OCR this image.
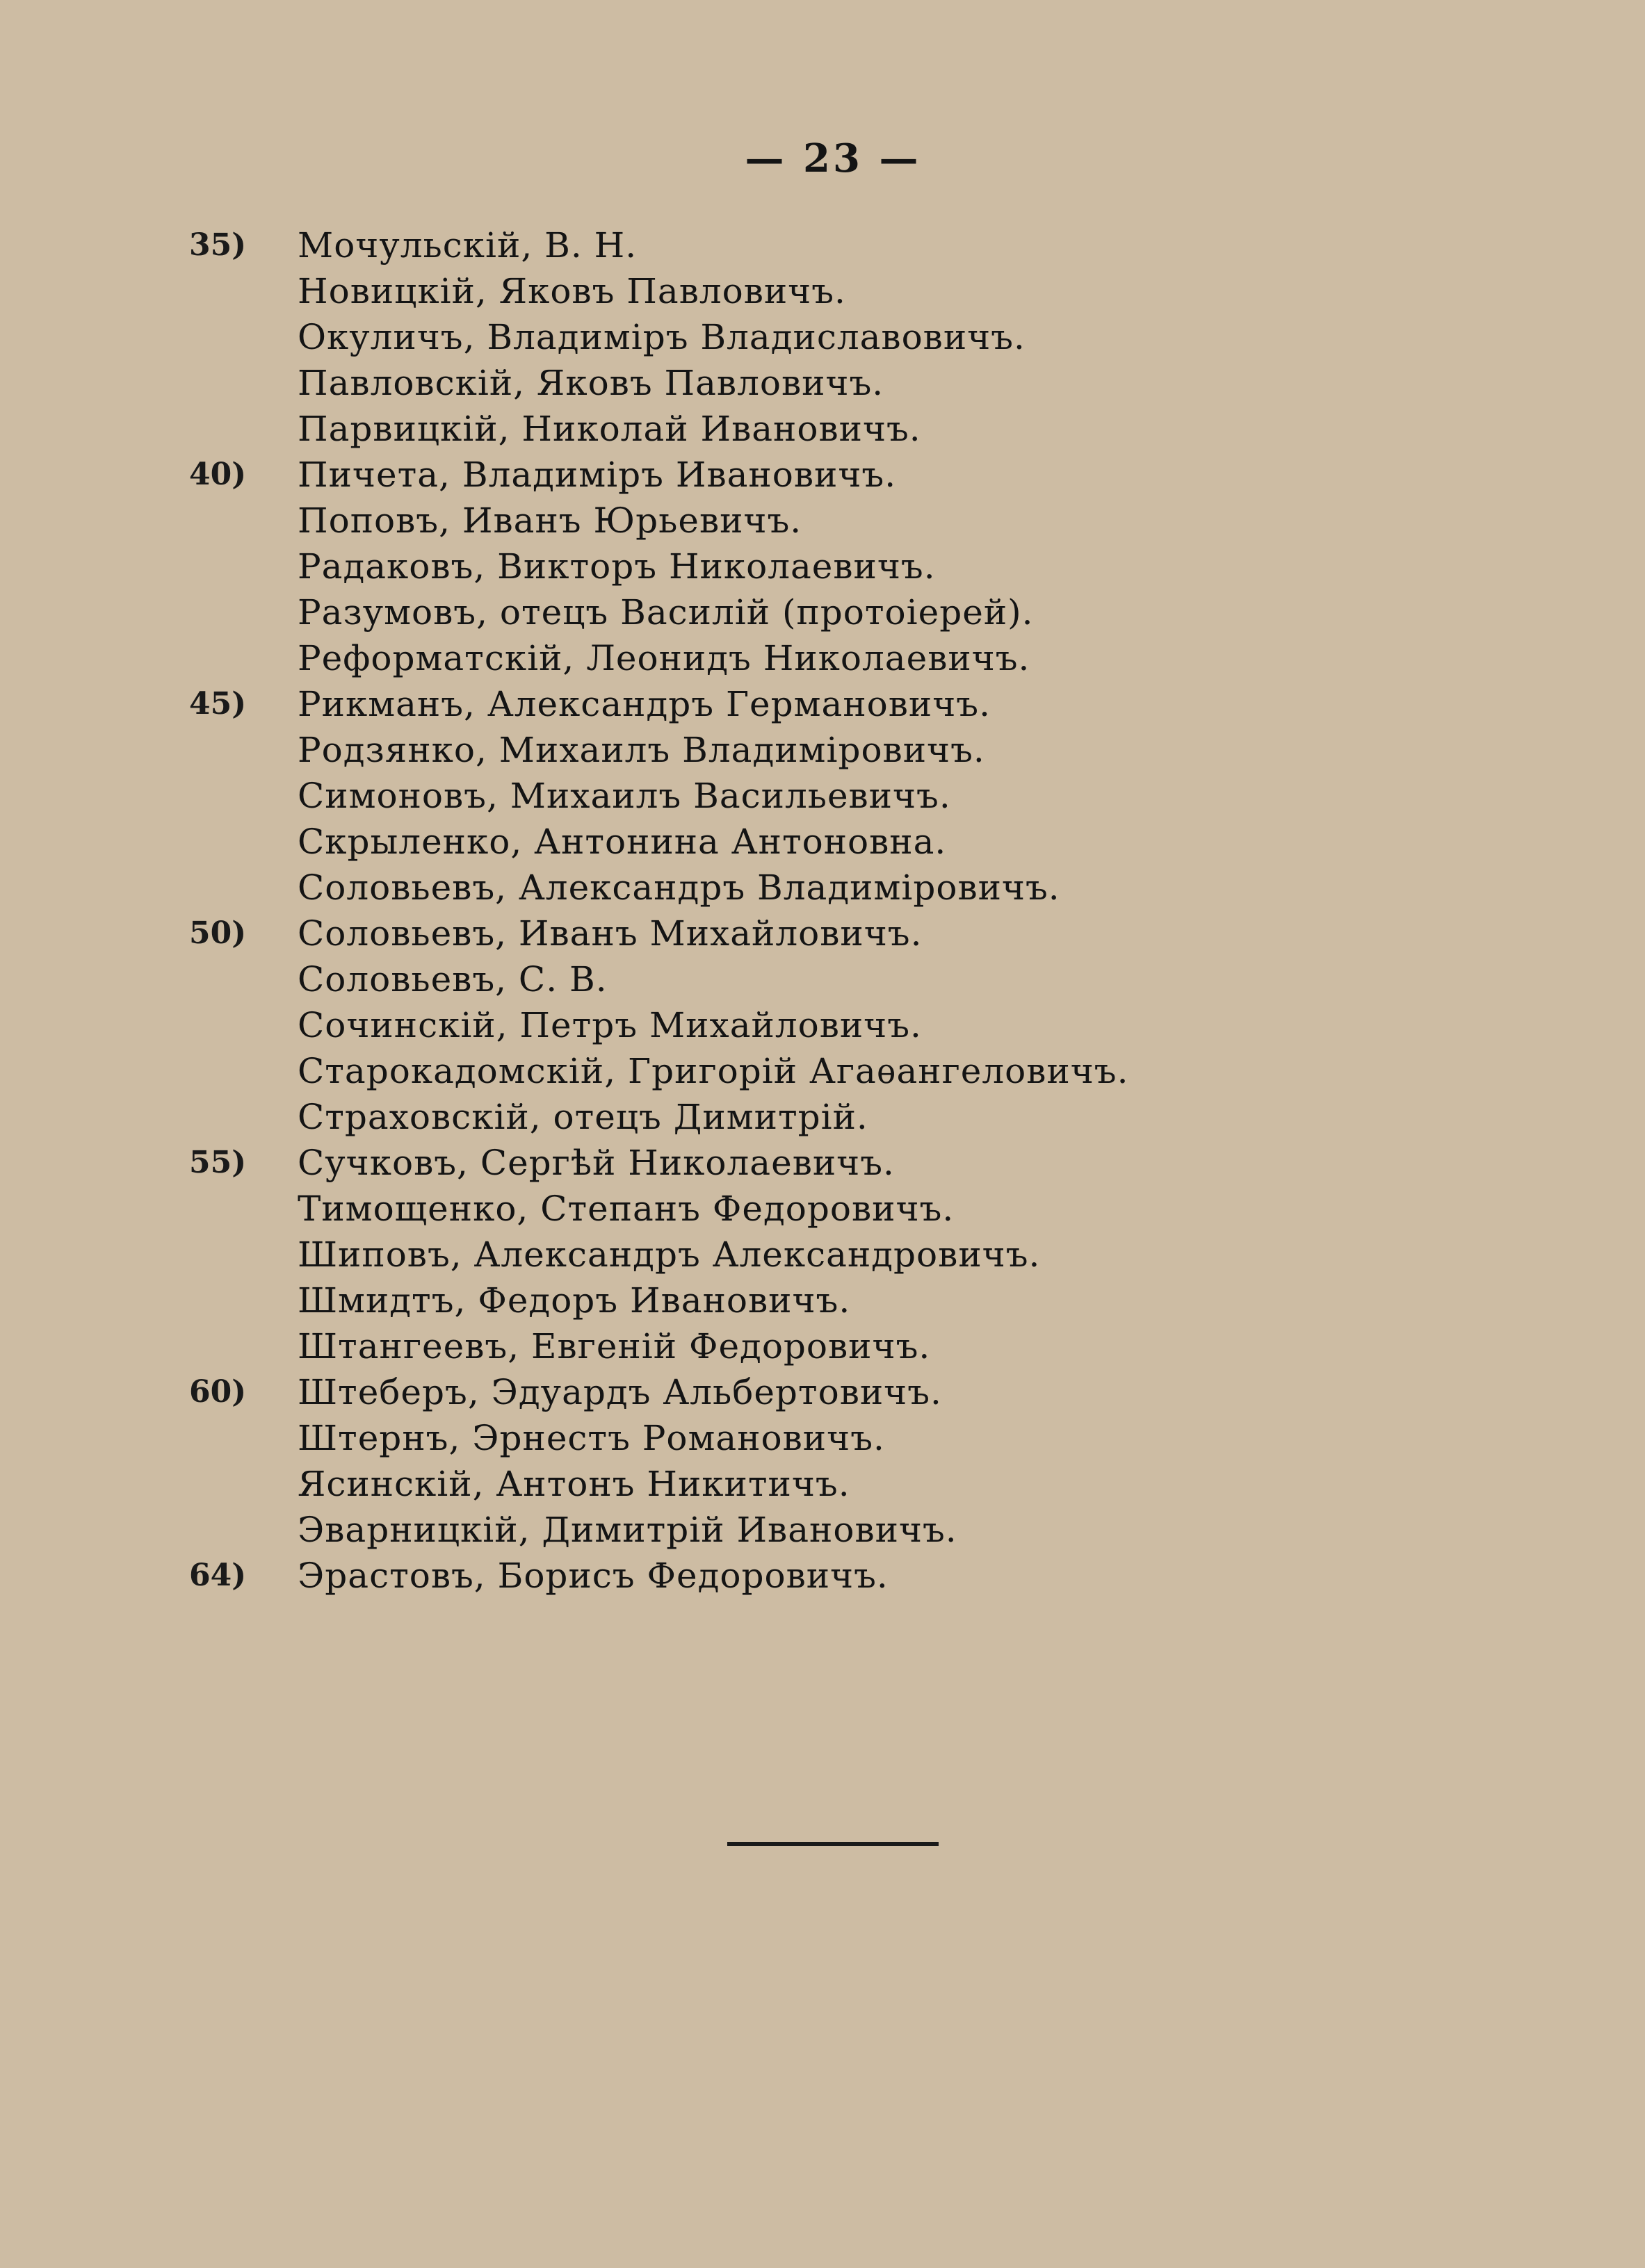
— 23 —
35)	Мочульскій, В. Н.
Новицкій, Яковъ Павловичъ.
Окуличъ, Владиміръ Владиславовичъ.
Павловскій, Яковъ Павловичъ.
Парвицкій, Николай Ивановичъ.
40)	Пичета, Владиміръ Ивановичъ.
Поповъ, Иванъ Юрьевичъ.
Радаковъ, Викторъ Николаевичъ.
Разумовъ, отецъ Василій (протоіерей).
Реформатскій, Леонидъ Николаевичъ.
45)	Рикманъ, Александръ Германовичъ.
Родзянко, Михаилъ Владиміровичъ.
Симоновъ, Михаилъ Васильевичъ.
Скрыленко, Антонина Антоновна.
Соловьевъ, Александръ Владиміровичъ.
50)	Соловьевъ, Иванъ Михайловичъ.
Соловьевъ, С. В.
Сочинскій, Петръ Михайловичъ.
Старокадомскій, Григорій Агаѳангеловичъ.
Страховскій, отецъ Димитрій.
55)	Сучковъ, Сергѣй Николаевичъ.
Тимощенко, Степанъ Федоровичъ.
Шиповъ, Александръ Александровичъ.
Шмидтъ, Федоръ Ивановичъ.
Штангеевъ, Евгеній Федоровичъ.
60)	Штеберъ, Эдуардъ Альбертовичъ.
Штернъ, Эрнестъ Романовичъ.
Ясинскій, Антонъ Никитичъ.
Эварницкій, Димитрій Ивановичъ.
64)	Эрастовъ, Борисъ Федоровичъ.
